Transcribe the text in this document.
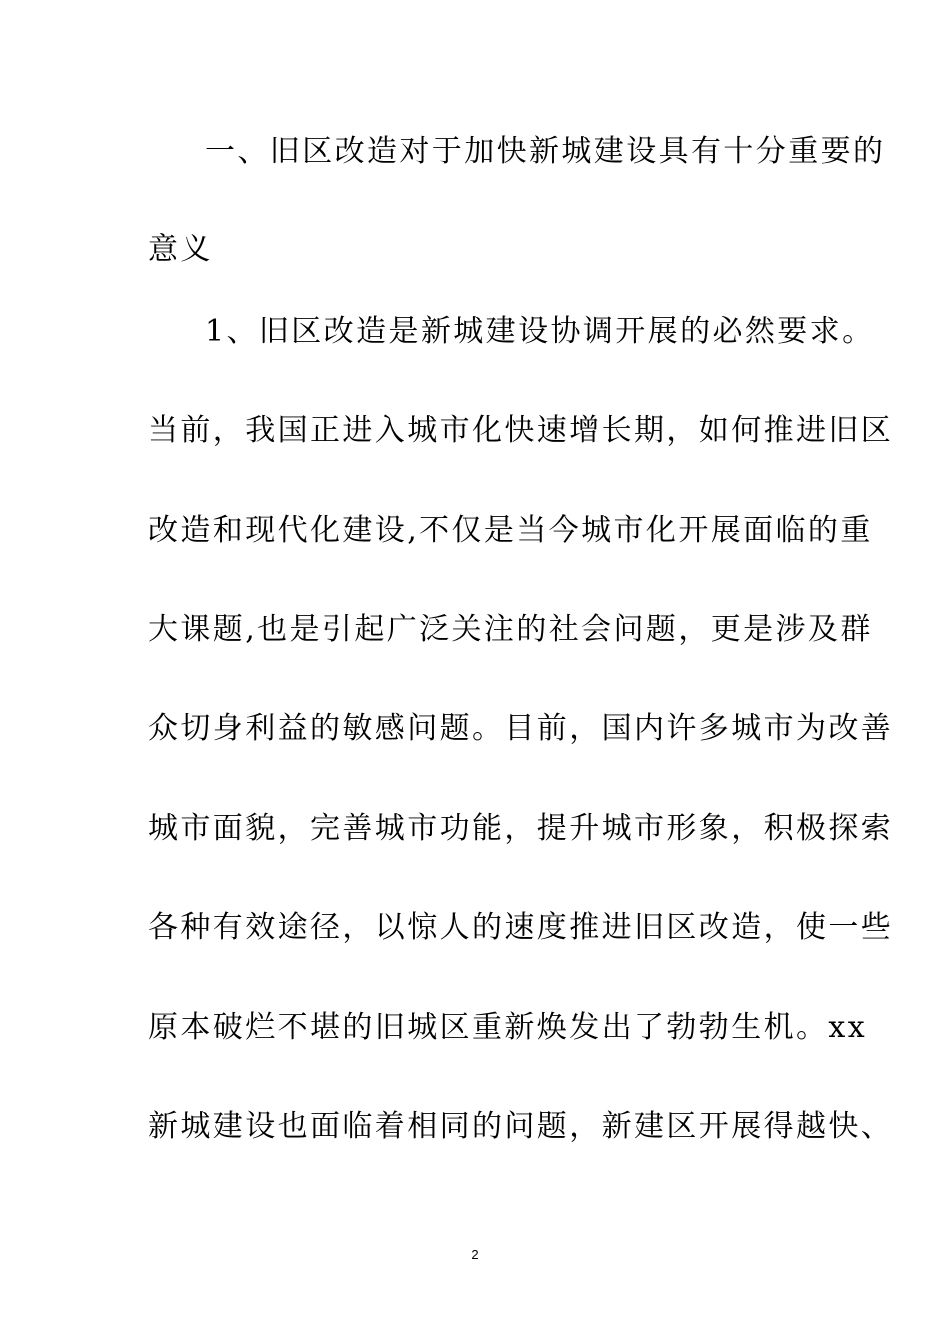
一、旧区改造对于加快新城建设具有十分重要的
意义
1、旧区改造是新城建设协调开展的必然要求。
当前，我国正进入城市化快速增长期，如何推进旧区
改造和现代化建设,不仅是当今城市化开展面临的重
大课题,也是引起广泛关注的社会问题，更是涉及群
众切身利益的敏感问题。目前，国内许多城市为改善
城市面貌，完善城市功能，提升城市形象，积极探索
各种有效途径，以惊人的速度推进旧区改造，使一些
原本破烂不堪的旧城区重新焕发出了勃勃生机。xx
新城建设也面临着相同的问题，新建区开展得越快、
2
